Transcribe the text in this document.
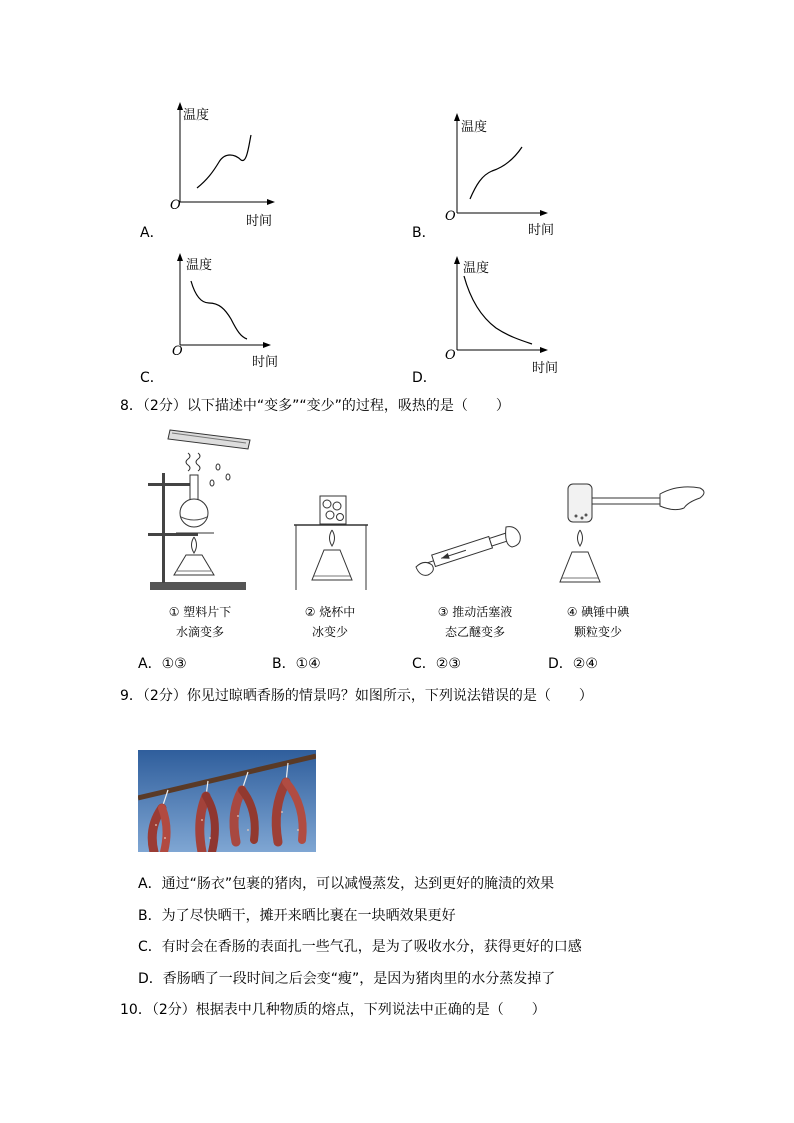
温度
O
时间
A．
温度
O
时间
B．
温度
O
时间
C．
温度
O
时间
D．
8．（2分）以下描述中“变多”“变少”的过程，吸热的是（　　）
① 塑料片下
水滴变多
② 烧杯中
冰变少
③ 推动活塞液
态乙醚变多
④ 碘锤中碘
颗粒变少
A．①③	B．①④	C．②③	D．②④
9．（2分）你见过晾晒香肠的情景吗？如图所示，下列说法错误的是（　　）
A．通过“肠衣”包裹的猪肉，可以减慢蒸发，达到更好的腌渍的效果
B．为了尽快晒干，摊开来晒比裹在一块晒效果更好
C．有时会在香肠的表面扎一些气孔，是为了吸收水分，获得更好的口感
D．香肠晒了一段时间之后会变“瘦”，是因为猪肉里的水分蒸发掉了
10．（2分）根据表中几种物质的熔点，下列说法中正确的是（　　）
